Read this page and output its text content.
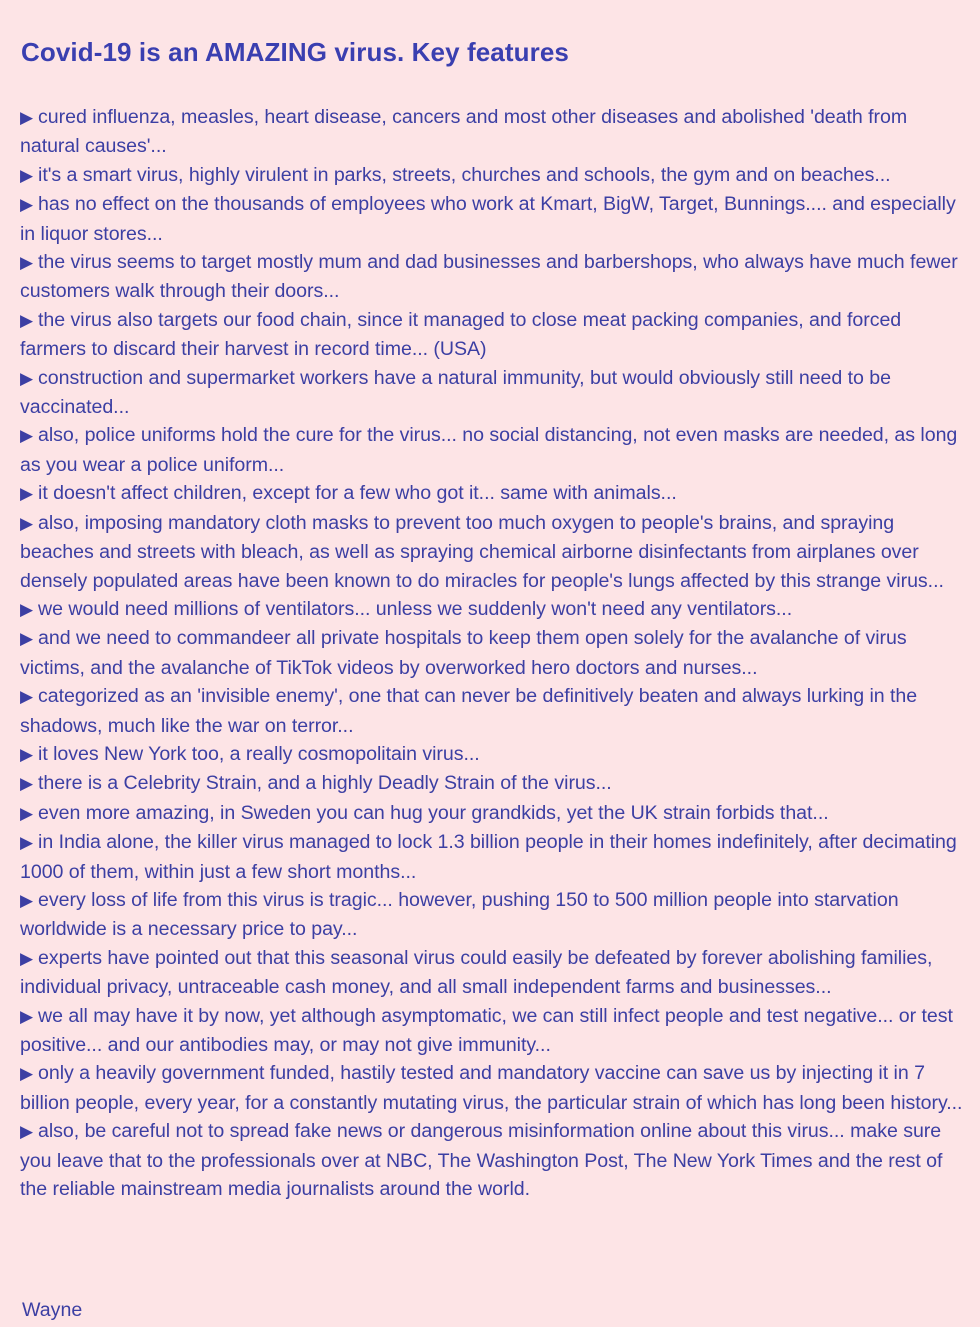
Covid-19 is an AMAZING virus. Key features
▶ cured influenza, measles, heart disease, cancers and most other diseases and abolished 'death from natural causes'...
▶ it's a smart virus, highly virulent in parks, streets, churches and schools, the gym and on beaches...
▶ has no effect on the thousands of employees who work at Kmart, BigW, Target, Bunnings.... and especially in liquor stores...
▶ the virus seems to target mostly mum and dad businesses and barbershops, who always have much fewer customers walk through their doors...
▶ the virus also targets our food chain, since it managed to close meat packing companies, and forced farmers to discard their harvest in record time... (USA)
▶ construction and supermarket workers have a natural immunity, but would obviously still need to be vaccinated...
▶ also, police uniforms hold the cure for the virus... no social distancing, not even masks are needed, as long as you wear a police uniform...
▶ it doesn't affect children, except for a few who got it... same with animals...
▶ also, imposing mandatory cloth masks to prevent too much oxygen to people's brains, and spraying beaches and streets with bleach, as well as spraying chemical airborne disinfectants from airplanes over densely populated areas have been known to do miracles for people's lungs affected by this strange virus...
▶ we would need millions of ventilators... unless we suddenly won't need any ventilators...
▶ and we need to commandeer all private hospitals to keep them open solely for the avalanche of virus victims, and the avalanche of TikTok videos by overworked hero doctors and nurses...
▶ categorized as an 'invisible enemy', one that can never be definitively beaten and always lurking in the shadows, much like the war on terror...
▶ it loves New York too, a really cosmopolitain virus...
▶ there is a Celebrity Strain, and a highly Deadly Strain of the virus...
▶ even more amazing, in Sweden you can hug your grandkids, yet the UK strain forbids that...
▶ in India alone, the killer virus managed to lock 1.3 billion people in their homes indefinitely, after decimating 1000 of them, within just a few short months...
▶ every loss of life from this virus is tragic... however, pushing 150 to 500 million people into starvation worldwide is a necessary price to pay...
▶ experts have pointed out that this seasonal virus could easily be defeated by forever abolishing families, individual privacy, untraceable cash money, and all small independent farms and businesses...
▶ we all may have it by now, yet although asymptomatic, we can still infect people and test negative... or test positive... and our antibodies may, or may not give immunity...
▶ only a heavily government funded, hastily tested and mandatory vaccine can save us by injecting it in 7 billion people, every year, for a constantly mutating virus, the particular strain of which has long been history...
▶ also, be careful not to spread fake news or dangerous misinformation online about this virus... make sure you leave that to the professionals over at NBC, The Washington Post, The New York Times and the rest of the reliable mainstream media journalists around the world.

Wayne
